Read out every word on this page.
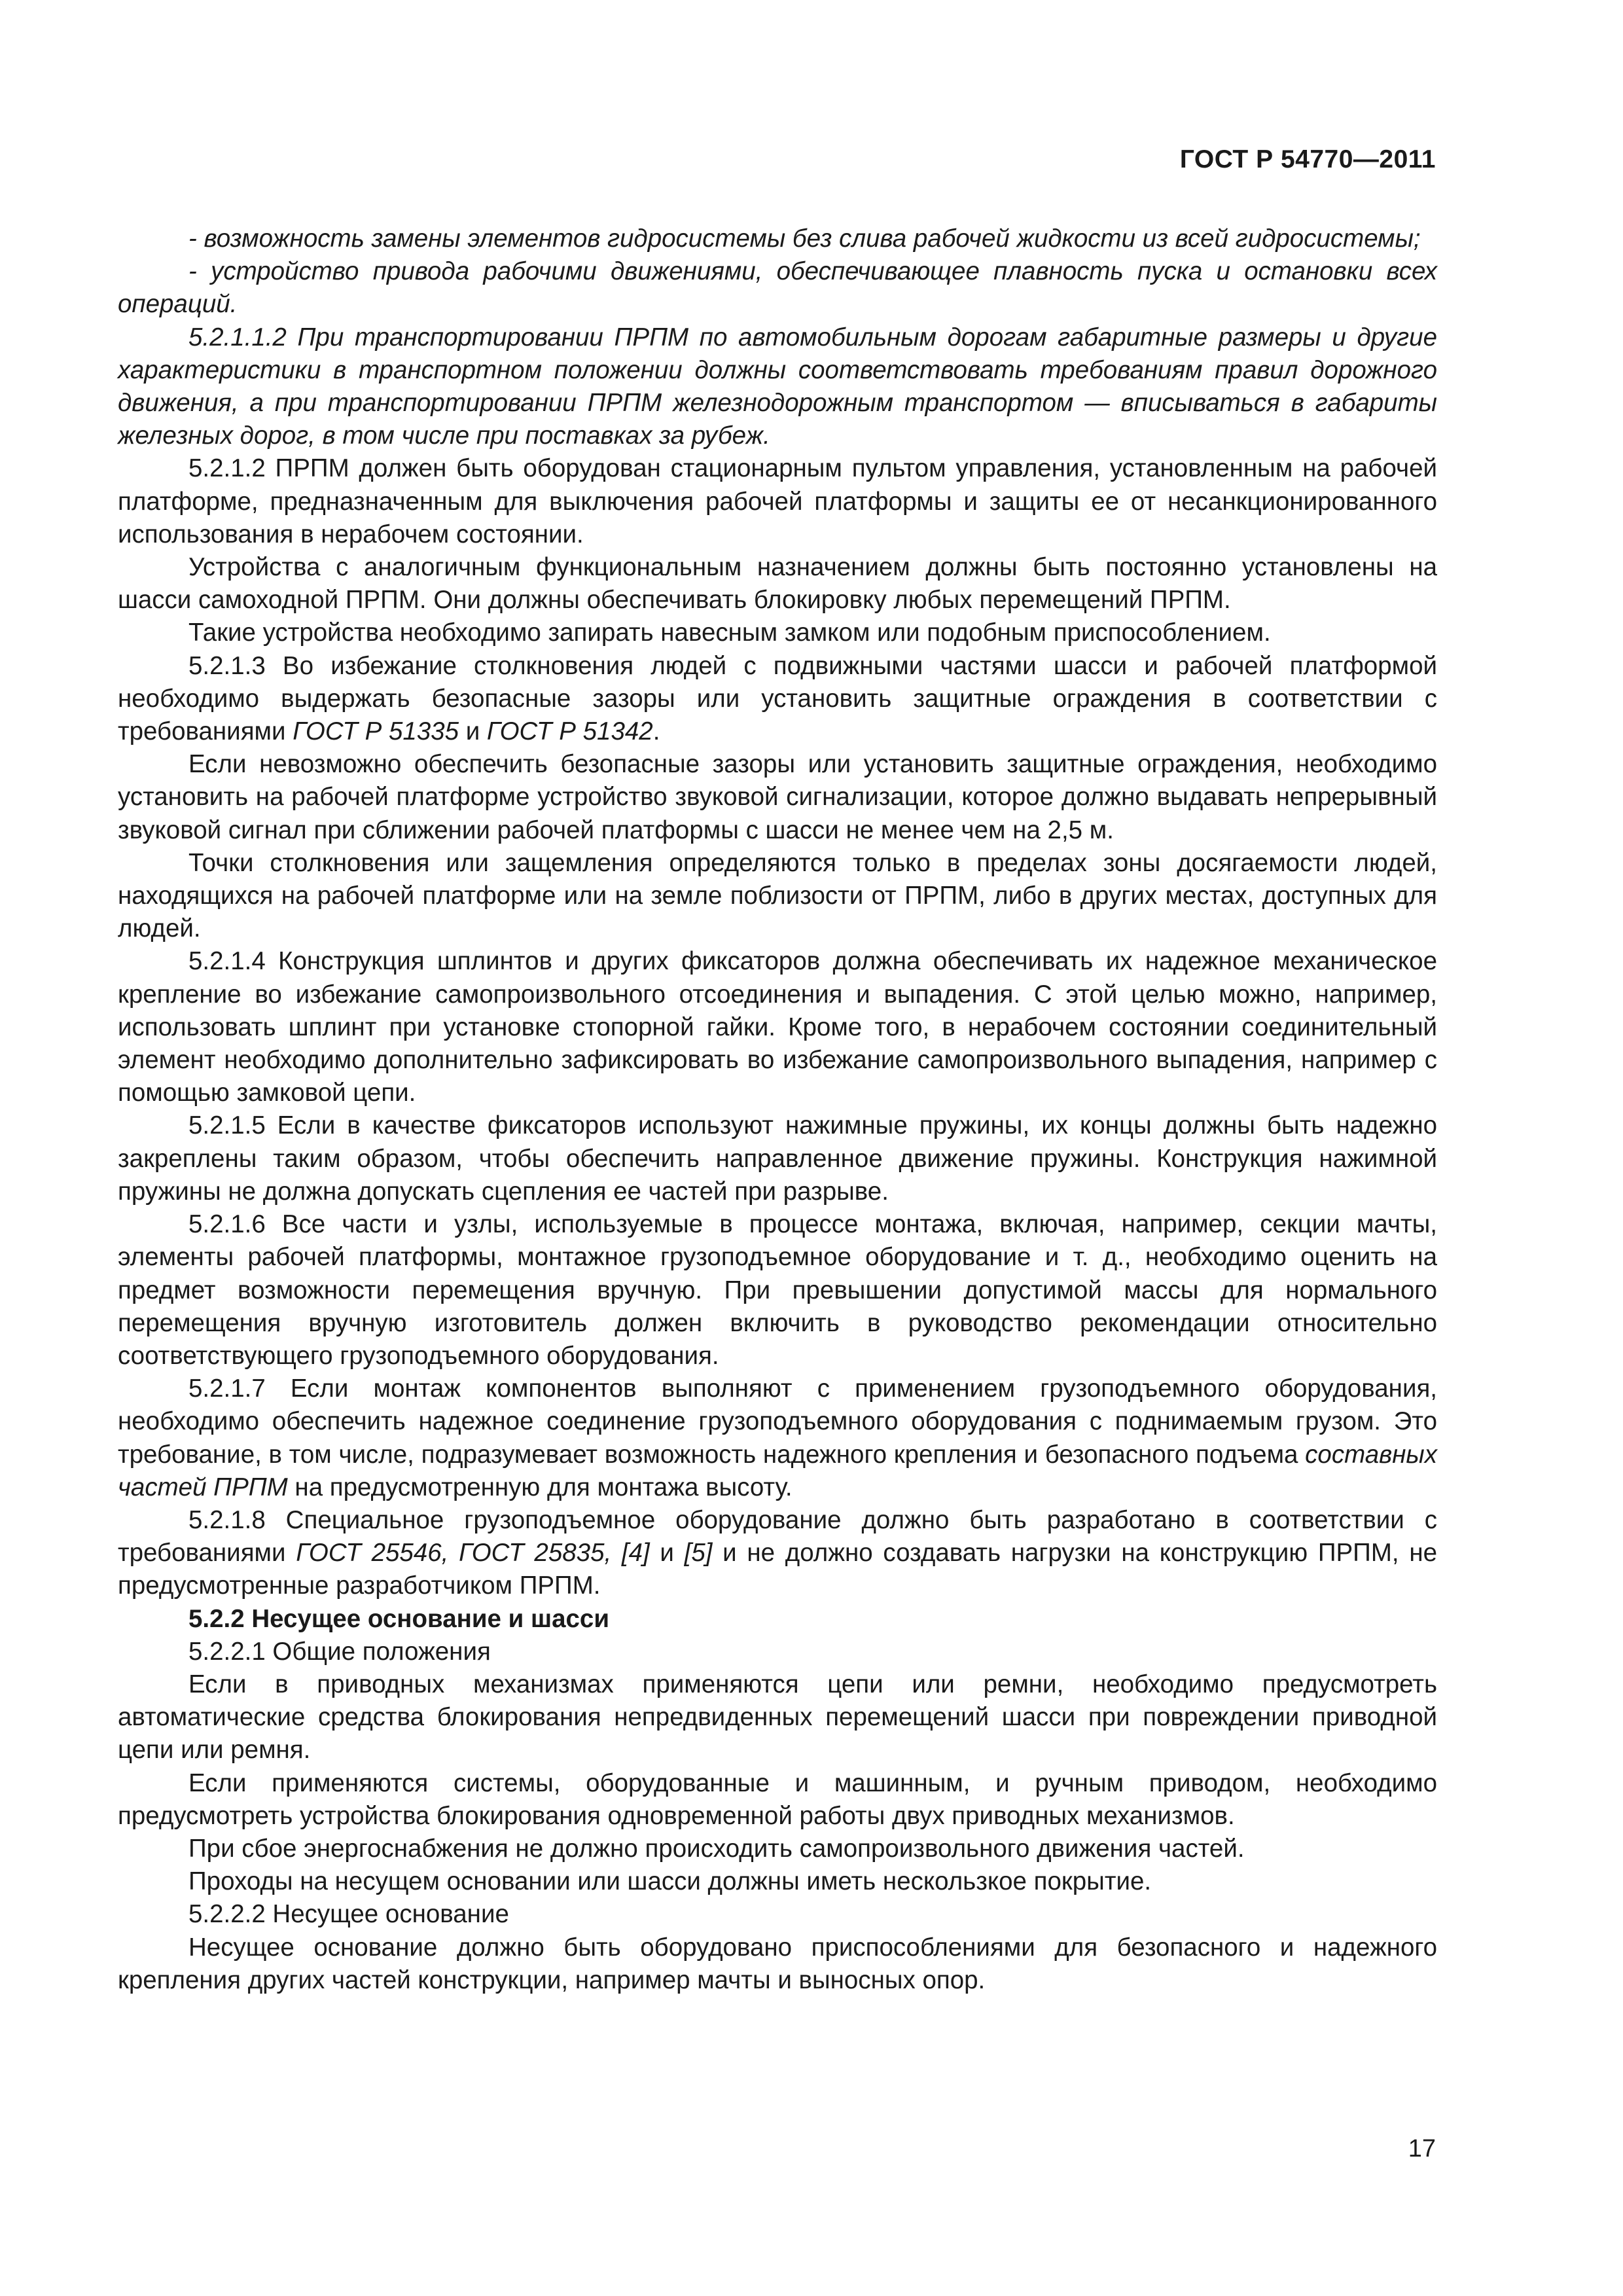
ГОСТ Р 54770—2011

- возможность замены элементов гидросистемы без слива рабочей жидкости из всей гидросистемы;

- устройство привода рабочими движениями, обеспечивающее плавность пуска и остановки всех операций.

5.2.1.1.2 При транспортировании ПРПМ по автомобильным дорогам габаритные размеры и другие характеристики в транспортном положении должны соответствовать требованиям правил дорожного движения, а при транспортировании ПРПМ железнодорожным транспортом — вписываться в габариты железных дорог, в том числе при поставках за рубеж.

5.2.1.2 ПРПМ должен быть оборудован стационарным пультом управления, установленным на рабочей платформе, предназначенным для выключения рабочей платформы и защиты ее от несанкционированного использования в нерабочем состоянии.

Устройства с аналогичным функциональным назначением должны быть постоянно установлены на шасси самоходной ПРПМ. Они должны обеспечивать блокировку любых перемещений ПРПМ.

Такие устройства необходимо запирать навесным замком или подобным приспособлением.

5.2.1.3 Во избежание столкновения людей с подвижными частями шасси и рабочей платформой необходимо выдержать безопасные зазоры или установить защитные ограждения в соответствии с требованиями ГОСТ Р 51335 и ГОСТ Р 51342.

Если невозможно обеспечить безопасные зазоры или установить защитные ограждения, необходимо установить на рабочей платформе устройство звуковой сигнализации, которое должно выдавать непрерывный звуковой сигнал при сближении рабочей платформы с шасси не менее чем на 2,5 м.

Точки столкновения или защемления определяются только в пределах зоны досягаемости людей, находящихся на рабочей платформе или на земле поблизости от ПРПМ, либо в других местах, доступных для людей.

5.2.1.4 Конструкция шплинтов и других фиксаторов должна обеспечивать их надежное механическое крепление во избежание самопроизвольного отсоединения и выпадения. С этой целью можно, например, использовать шплинт при установке стопорной гайки. Кроме того, в нерабочем состоянии соединительный элемент необходимо дополнительно зафиксировать во избежание самопроизвольного выпадения, например с помощью замковой цепи.

5.2.1.5 Если в качестве фиксаторов используют нажимные пружины, их концы должны быть надежно закреплены таким образом, чтобы обеспечить направленное движение пружины. Конструкция нажимной пружины не должна допускать сцепления ее частей при разрыве.

5.2.1.6 Все части и узлы, используемые в процессе монтажа, включая, например, секции мачты, элементы рабочей платформы, монтажное грузоподъемное оборудование и т. д., необходимо оценить на предмет возможности перемещения вручную. При превышении допустимой массы для нормального перемещения вручную изготовитель должен включить в руководство рекомендации относительно соответствующего грузоподъемного оборудования.

5.2.1.7 Если монтаж компонентов выполняют с применением грузоподъемного оборудования, необходимо обеспечить надежное соединение грузоподъемного оборудования с поднимаемым грузом. Это требование, в том числе, подразумевает возможность надежного крепления и безопасного подъема составных частей ПРПМ на предусмотренную для монтажа высоту.

5.2.1.8 Специальное грузоподъемное оборудование должно быть разработано в соответствии с требованиями ГОСТ 25546, ГОСТ 25835, [4] и [5] и не должно создавать нагрузки на конструкцию ПРПМ, не предусмотренные разработчиком ПРПМ.

5.2.2 Несущее основание и шасси

5.2.2.1 Общие положения

Если в приводных механизмах применяются цепи или ремни, необходимо предусмотреть автоматические средства блокирования непредвиденных перемещений шасси при повреждении приводной цепи или ремня.

Если применяются системы, оборудованные и машинным, и ручным приводом, необходимо предусмотреть устройства блокирования одновременной работы двух приводных механизмов.

При сбое энергоснабжения не должно происходить самопроизвольного движения частей.

Проходы на несущем основании или шасси должны иметь нескользкое покрытие.

5.2.2.2 Несущее основание

Несущее основание должно быть оборудовано приспособлениями для безопасного и надежного крепления других частей конструкции, например мачты и выносных опор.

17
